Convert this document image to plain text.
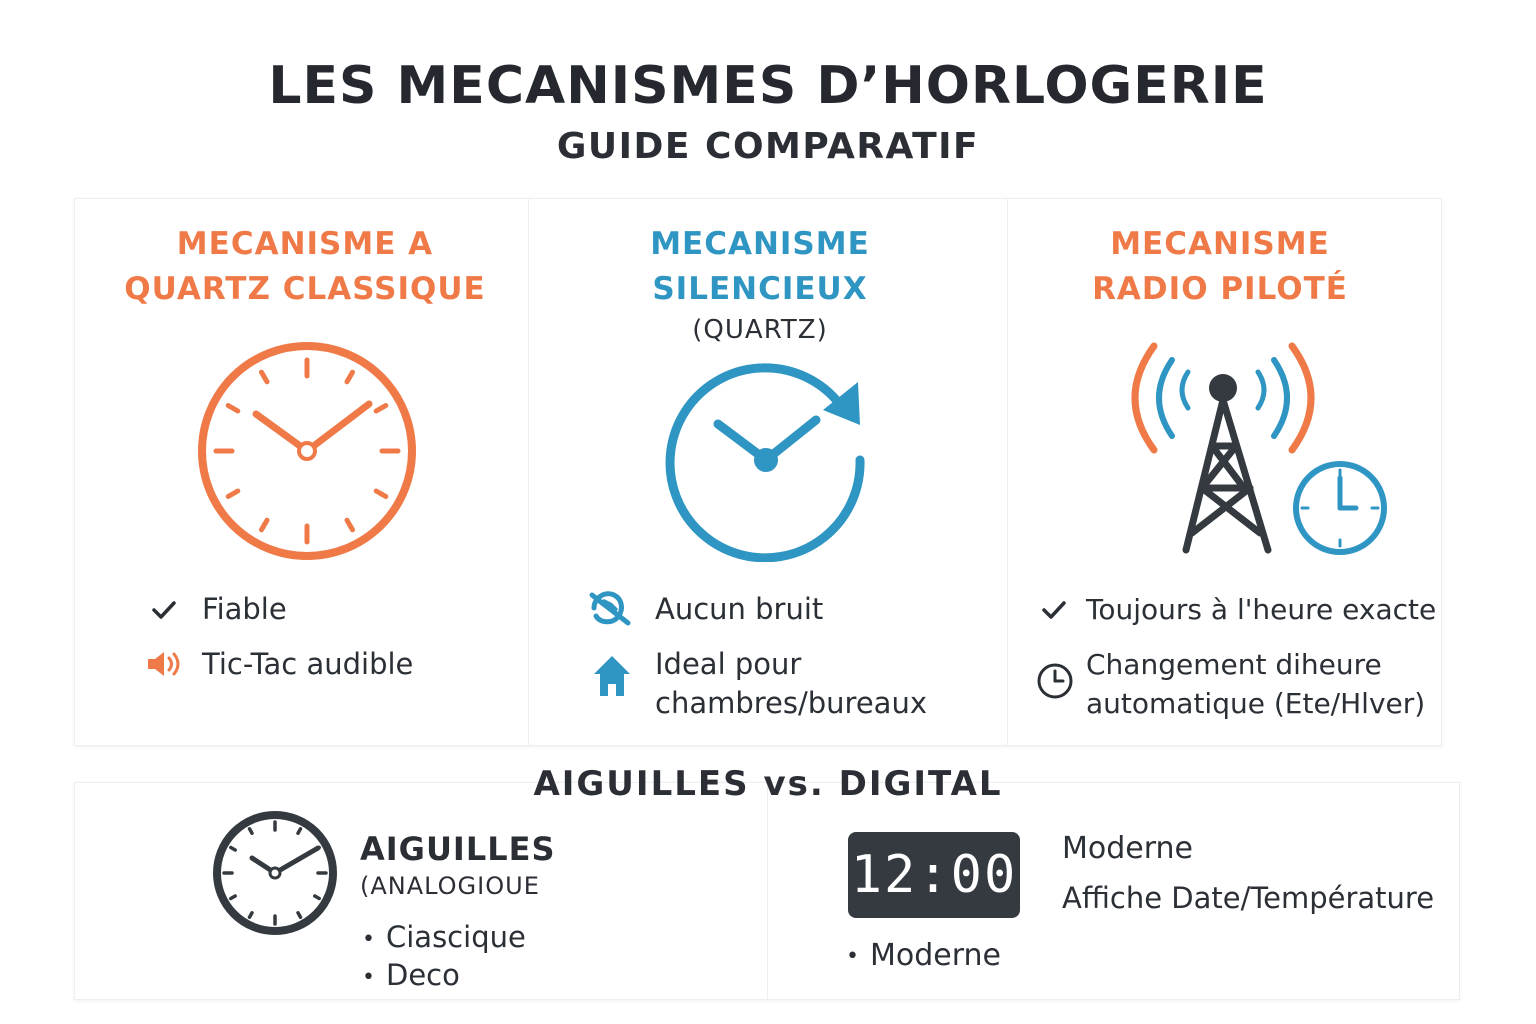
LES MECANISMES D’HORLOGERIE
GUIDE COMPARATIF
MECANISME A
QUARTZ CLASSIQUE
Fiable
Tic-Tac audible
MECANISME
SILENCIEUX
(QUARTZ)
Aucun bruit
Ideal pour
chambres/bureaux
MECANISME
RADIO PILOTÉ
Toujours à l'heure exacte
Changement diheure
automatique (Ete/Hlver)
AIGUILLES vs. DIGITAL
AIGUILLES
(ANALOGIOUE
• Ciascique
• Deco
12:00 Moderne
Affiche Date/Température
• Moderne
